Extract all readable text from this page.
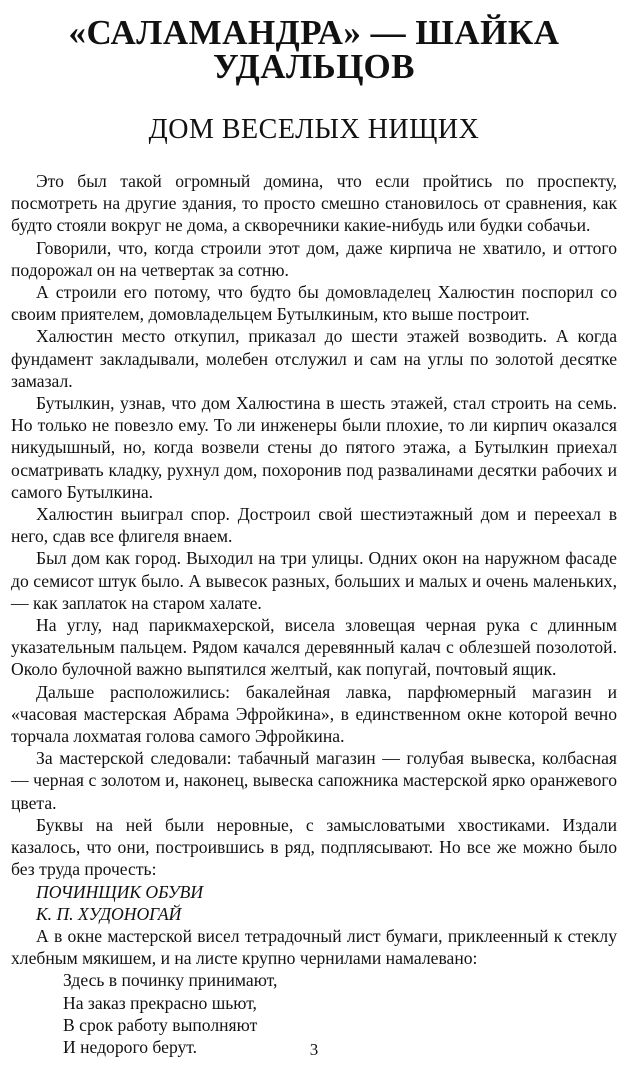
«САЛАМАНДРА» — ШАЙКА
УДАЛЬЦОВ
ДОМ ВЕСЕЛЫХ НИЩИХ

Это был такой огромный домина, что если пройтись по проспекту, посмотреть на другие здания, то просто смешно становилось от сравнения, как будто стояли вокруг не дома, а скворечники какие-нибудь или будки собачьи.

Говорили, что, когда строили этот дом, даже кирпича не хватило, и оттого подорожал он на четвертак за сотню.

А строили его потому, что будто бы домовладелец Халюстин поспорил со своим приятелем, домовладельцем Бутылкиным, кто выше построит.

Халюстин место откупил, приказал до шести этажей возводить. А когда фундамент закладывали, молебен отслужил и сам на углы по золотой десятке замазал.

Бутылкин, узнав, что дом Халюстина в шесть этажей, стал строить на семь. Но только не повезло ему. То ли инженеры были плохие, то ли кирпич оказался никудышный, но, когда возвели стены до пятого этажа, а Бутылкин приехал осматривать кладку, рухнул дом, похоронив под развалинами десятки рабочих и самого Бутылкина.

Халюстин выиграл спор. Достроил свой шестиэтажный дом и переехал в него, сдав все флигеля внаем.

Был дом как город. Выходил на три улицы. Одних окон на наружном фасаде до семисот штук было. А вывесок разных, больших и малых и очень маленьких, — как заплаток на старом халате.

На углу, над парикмахерской, висела зловещая черная рука с длинным указательным пальцем. Рядом качался деревянный калач с облезшей позолотой. Около булочной важно выпятился желтый, как попугай, почтовый ящик.

Дальше расположились: бакалейная лавка, парфюмерный магазин и «часовая мастерская Абрама Эфройкина», в единственном окне которой вечно торчала лохматая голова самого Эфройкина.

За мастерской следовали: табачный магазин — голубая вывеска, колбасная — черная с золотом и, наконец, вывеска сапожника мастерской ярко оранжевого цвета.

Буквы на ней были неровные, с замысловатыми хвостиками. Издали казалось, что они, построившись в ряд, подплясывают. Но все же можно было без труда прочесть:

ПОЧИНЩИК ОБУВИ

К. П. ХУДОНОГАЙ

А в окне мастерской висел тетрадочный лист бумаги, приклеенный к стеклу хлебным мякишем, и на листе крупно чернилами намалевано:

Здесь в починку принимают,
На заказ прекрасно шьют,
В срок работу выполняют
И недорого берут.	3
